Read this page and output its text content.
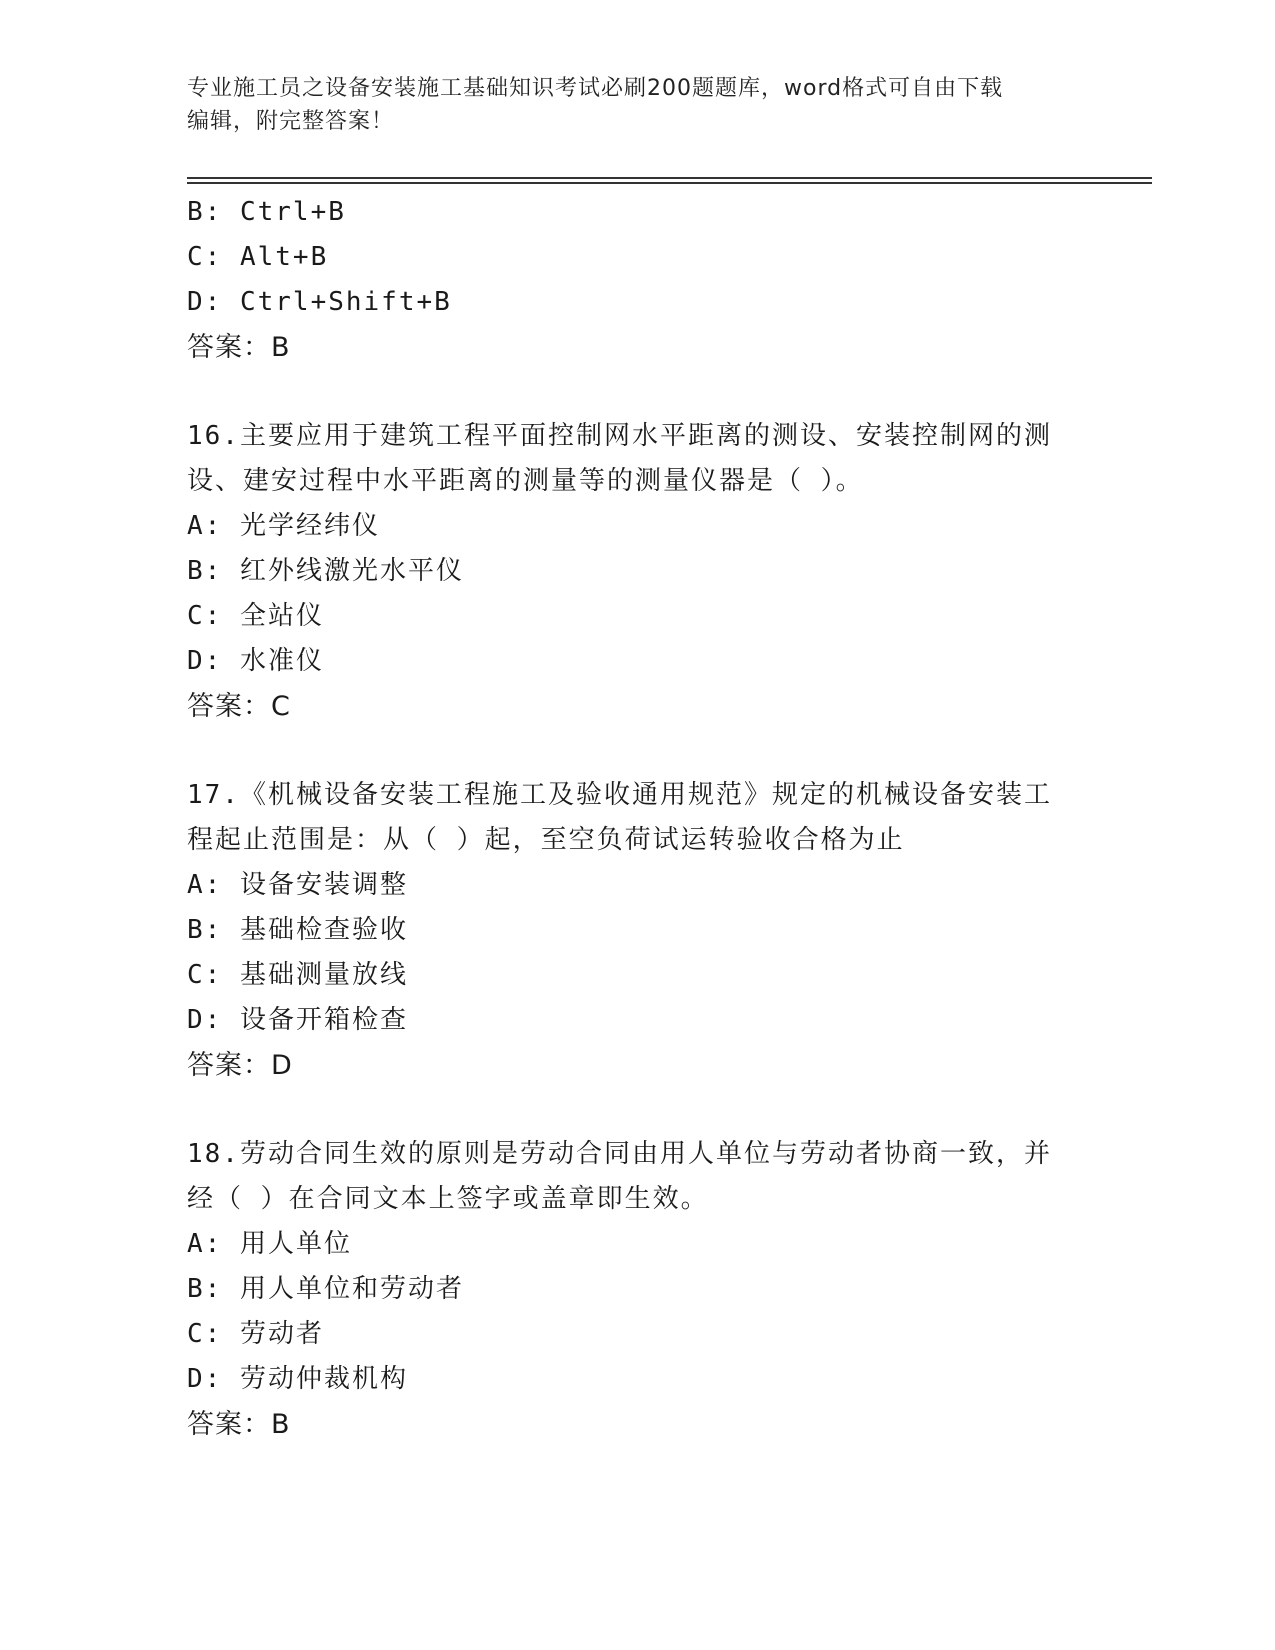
专业施工员之设备安装施工基础知识考试必刷200题题库，word格式可自由下载
编辑，附完整答案！
B: Ctrl+B
C: Alt+B
D: Ctrl+Shift+B
答案：B
16.主要应用于建筑工程平面控制网水平距离的测设、安装控制网的测
设、建安过程中水平距离的测量等的测量仪器是（ ）。
A: 光学经纬仪
B: 红外线激光水平仪
C: 全站仪
D: 水准仪
答案：C
17.《机械设备安装工程施工及验收通用规范》规定的机械设备安装工
程起止范围是：从（ ）起，至空负荷试运转验收合格为止
A: 设备安装调整
B: 基础检查验收
C: 基础测量放线
D: 设备开箱检查
答案：D
18.劳动合同生效的原则是劳动合同由用人单位与劳动者协商一致，并
经（ ）在合同文本上签字或盖章即生效。
A: 用人单位
B: 用人单位和劳动者
C: 劳动者
D: 劳动仲裁机构
答案：B
